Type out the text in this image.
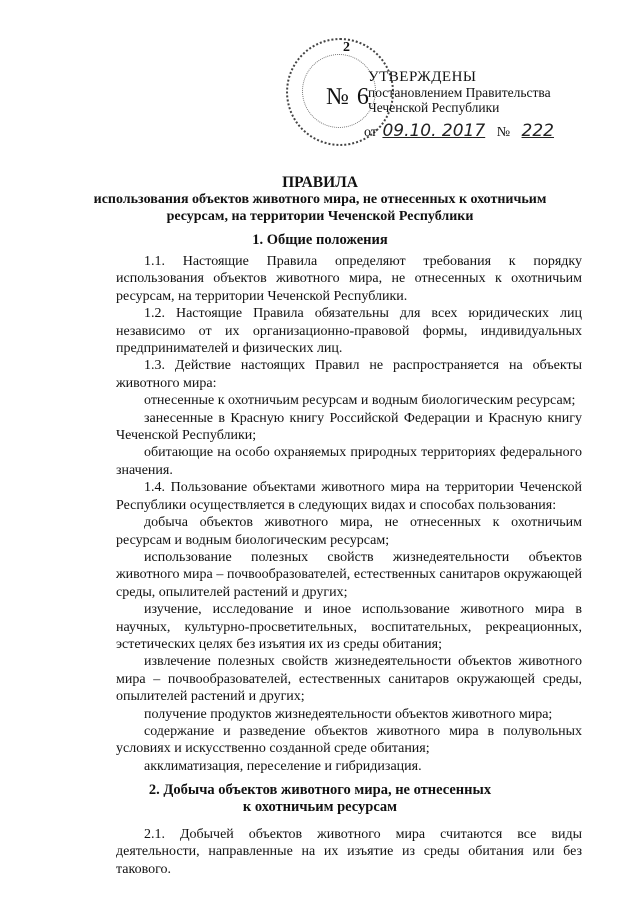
2
№ 6
УТВЕРЖДЕНЫ
постановлением Правительства
Чеченской Республики
от 09.10. 2017 № 222
ПРАВИЛА
использования объектов животного мира, не отнесенных к охотничьим
ресурсам, на территории Чеченской Республики
1. Общие положения

1.1. Настоящие Правила определяют требования к порядку использования объектов животного мира, не отнесенных к охотничьим ресурсам, на территории Чеченской Республики.

1.2. Настоящие Правила обязательны для всех юридических лиц независимо от их организационно-правовой формы, индивидуальных предпринимателей и физических лиц.

1.3. Действие настоящих Правил не распространяется на объекты животного мира:

отнесенные к охотничьим ресурсам и водным биологическим ресурсам;

занесенные в Красную книгу Российской Федерации и Красную книгу Чеченской Республики;

обитающие на особо охраняемых природных территориях федерального значения.

1.4. Пользование объектами животного мира на территории Чеченской Республики осуществляется в следующих видах и способах пользования:

добыча объектов животного мира, не отнесенных к охотничьим ресурсам и водным биологическим ресурсам;

использование полезных свойств жизнедеятельности объектов животного мира – почвообразователей, естественных санитаров окружающей среды, опылителей растений и других;

изучение, исследование и иное использование животного мира в научных, культурно-просветительных, воспитательных, рекреационных, эстетических целях без изъятия их из среды обитания;

извлечение полезных свойств жизнедеятельности объектов животного мира – почвообразователей, естественных санитаров окружающей среды, опылителей растений и других;

получение продуктов жизнедеятельности объектов животного мира;

содержание и разведение объектов животного мира в полувольных условиях и искусственно созданной среде обитания;

акклиматизация, переселение и гибридизация.

2. Добыча объектов животного мира, не отнесенных
к охотничьим ресурсам

2.1. Добычей объектов животного мира считаются все виды деятельности, направленные на их изъятие из среды обитания или без такового.
